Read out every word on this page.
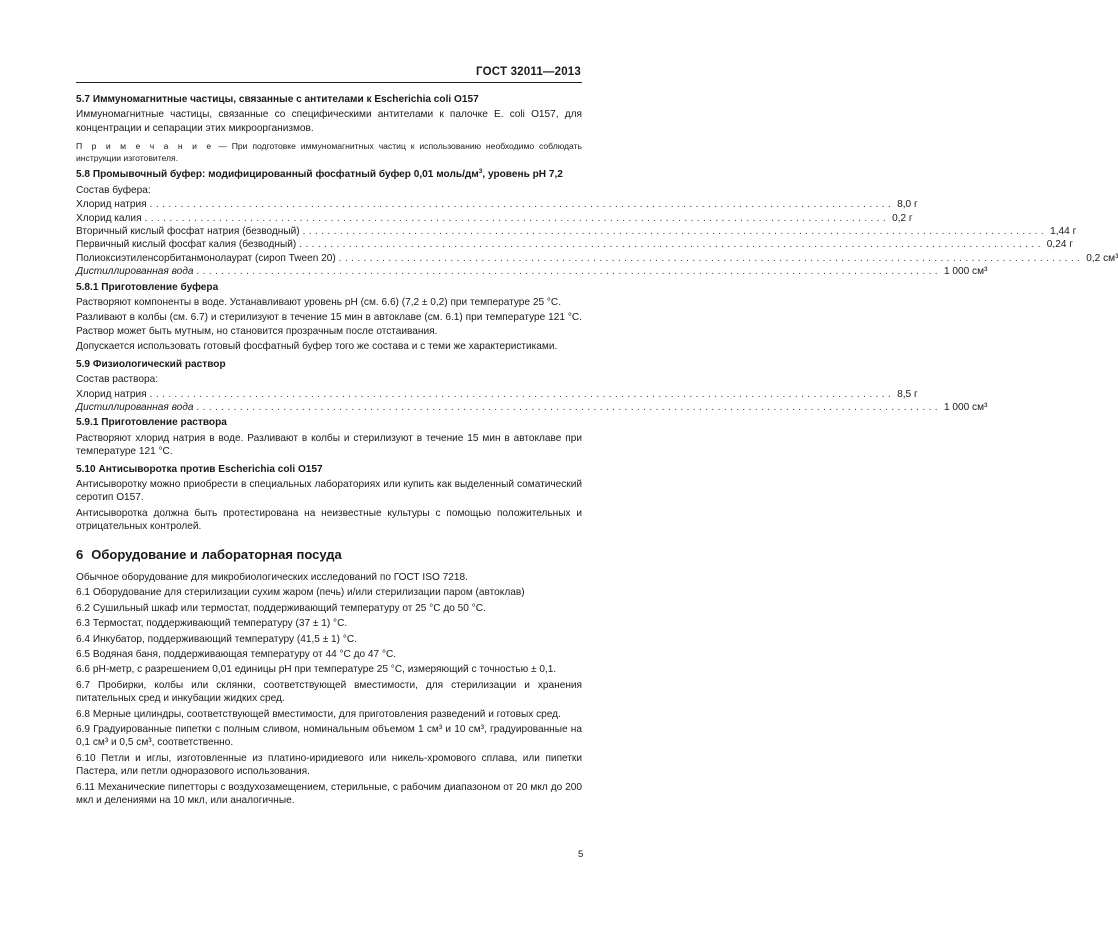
ГОСТ 32011—2013
5.7 Иммуномагнитные частицы, связанные с антителами к Escherichia coli O157

Иммуномагнитные частицы, связанные со специфическими антителами к палочке E. coli O157, для концентрации и сепарации этих микроорганизмов.

П р и м е ч а н и е — При подготовке иммуномагнитных частиц к использованию необходимо соблюдать инструкции изготовителя.

5.8 Промывочный буфер: модифицированный фосфатный буфер 0,01 моль/$дм^3$, уровень pH 7,2
Состав буфера:
Хлорид натрия ........................................................................................................................ 8,0 г
Хлорид калия ........................................................................................................................ 0,2 г
Вторичный кислый фосфат натрия (безводный) ........................................................................................................................ 1,44 г
Первичный кислый фосфат калия (безводный) ........................................................................................................................ 0,24 г
Полиоксиэтиленсорбитанмонолаурат (сироп Tween 20) ........................................................................................................................ 0,2 см³
Дистиллированная вода ........................................................................................................................ 1 000 см³
5.8.1 Приготовление буфера

Растворяют компоненты в воде. Устанавливают уровень pH (см. 6.6) (7,2 ± 0,2) при температуре 25 °C.

Разливают в колбы (см. 6.7) и стерилизуют в течение 15 мин в автоклаве (см. 6.1) при температуре 121 °C. Раствор может быть мутным, но становится прозрачным после отстаивания.

Допускается использовать готовый фосфатный буфер того же состава и с теми же характеристиками.

5.9 Физиологический раствор
Состав раствора:
Хлорид натрия ........................................................................................................................ 8,5 г
Дистиллированная вода ........................................................................................................................ 1 000 см³
5.9.1 Приготовление раствора

Растворяют хлорид натрия в воде. Разливают в колбы и стерилизуют в течение 15 мин в автоклаве при температуре 121 °C.

5.10 Антисыворотка против Escherichia coli O157

Антисыворотку можно приобрести в специальных лабораториях или купить как выделенный соматический серотип O157.

Антисыворотка должна быть протестирована на неизвестные культуры с помощью положительных и отрицательных контролей.

6 Оборудование и лабораторная посуда

Обычное оборудование для микробиологических исследований по ГОСТ ISO 7218.

6.1 Оборудование для стерилизации сухим жаром (печь) и/или стерилизации паром (автоклав)

6.2 Сушильный шкаф или термостат, поддерживающий температуру от 25 °C до 50 °C.

6.3 Термостат, поддерживающий температуру (37 ± 1) °C.

6.4 Инкубатор, поддерживающий температуру (41,5 ± 1) °C.

6.5 Водяная баня, поддерживающая температуру от 44 °C до 47 °C.

6.6 pH-метр, с разрешением 0,01 единицы pH при температуре 25 °C, измеряющий с точностью ± 0,1.

6.7 Пробирки, колбы или склянки, соответствующей вместимости, для стерилизации и хранения питательных сред и инкубации жидких сред.

6.8 Мерные цилиндры, соответствующей вместимости, для приготовления разведений и готовых сред.

6.9 Градуированные пипетки с полным сливом, номинальным объемом 1 см³ и 10 см³, градуированные на 0,1 см³ и 0,5 см³, соответственно.

6.10 Петли и иглы, изготовленные из платино-иридиевого или никель-хромового сплава, или пипетки Пастера, или петли одноразового использования.

6.11 Механические пипетторы с воздухозамещением, стерильные, с рабочим диапазоном от 20 мкл до 200 мкл и делениями на 10 мкл, или аналогичные.

5
